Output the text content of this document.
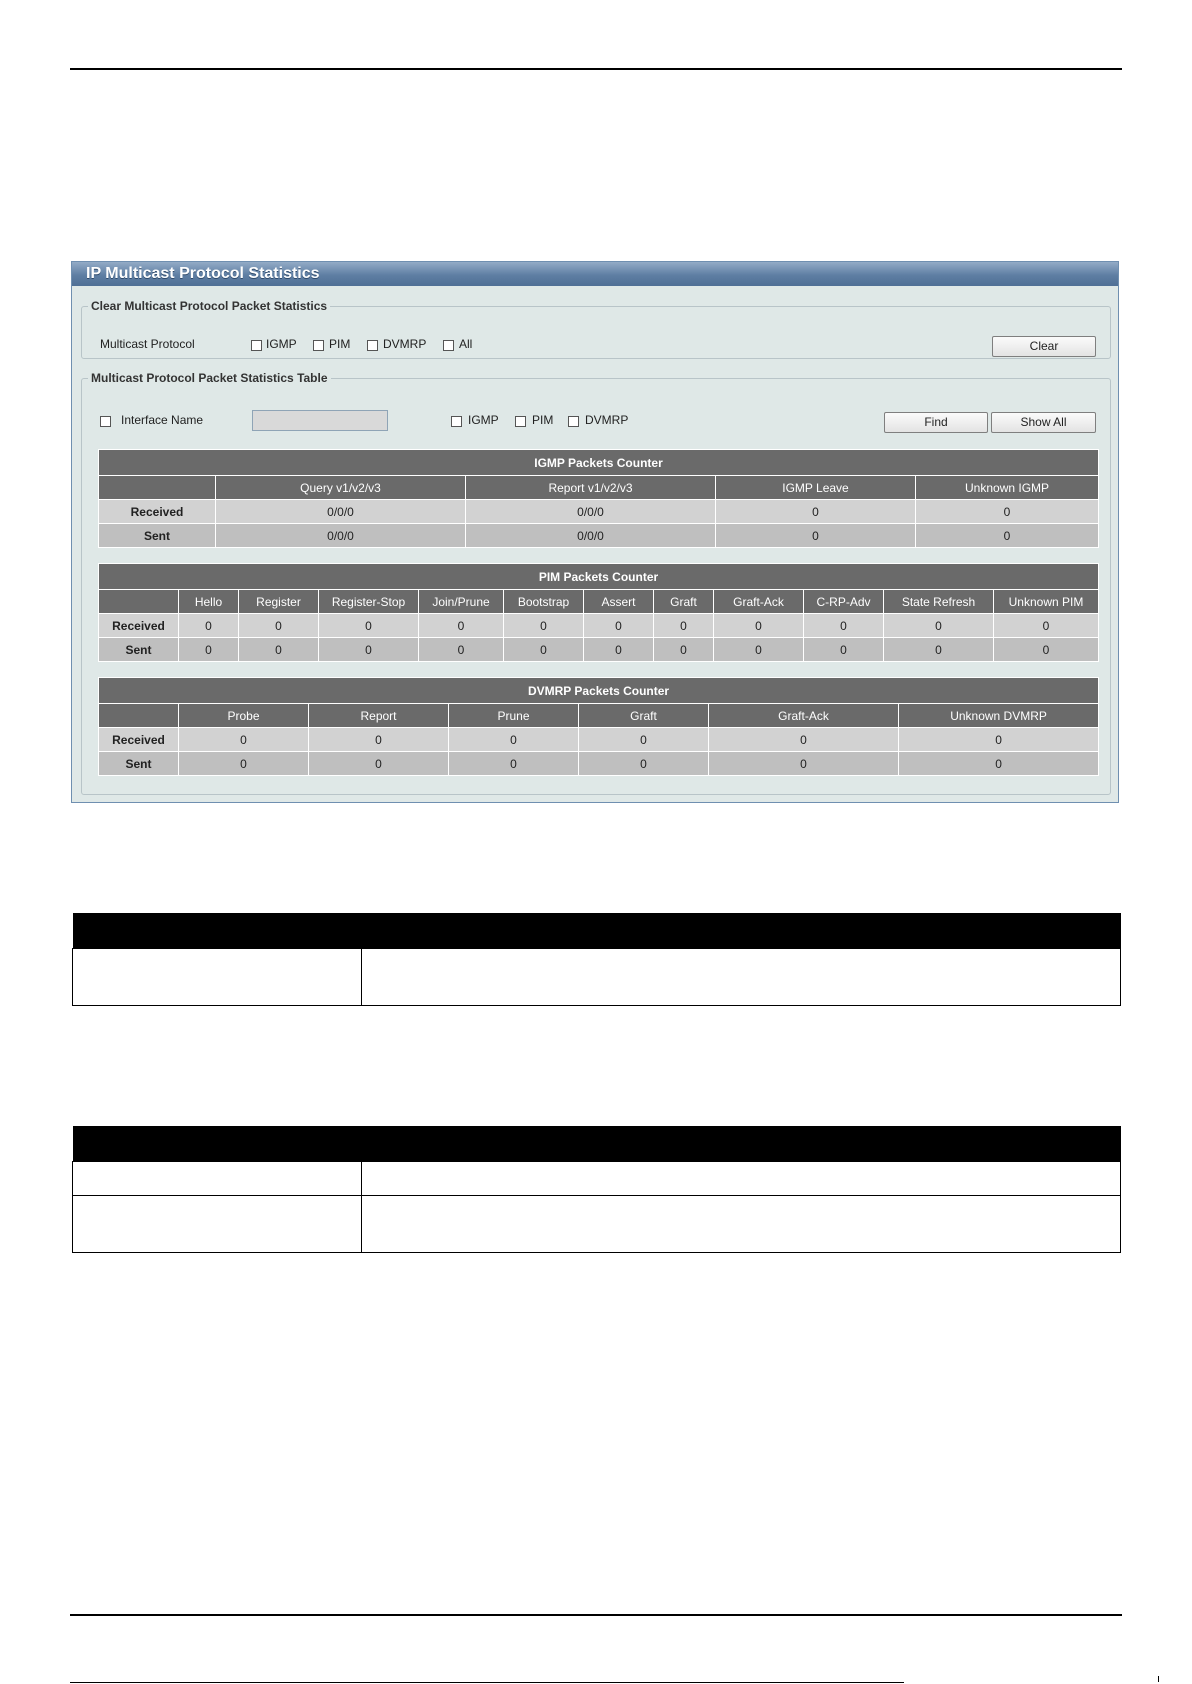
IP Multicast Protocol Statistics
Clear Multicast Protocol Packet Statistics
Multicast Protocol	IGMP	PIM	DVMRP	All	Clear
Multicast Protocol Packet Statistics Table
Interface Name	IGMP	PIM	DVMRP	Find	Show All
IGMP Packets Counter				
	Query v1/v2/v3	Report v1/v2/v3	IGMP Leave	Unknown IGMP
Received	0/0/0	0/0/0	0	0
Sent	0/0/0	0/0/0	0	0
PIM Packets Counter											
	Hello	Register	Register-Stop	Join/Prune	Bootstrap	Assert	Graft	Graft-Ack	C-RP-Adv	State Refresh	Unknown PIM
Received	0	0	0	0	0	0	0	0	0	0	0
Sent	0	0	0	0	0	0	0	0	0	0	0
DVMRP Packets Counter						
	Probe	Report	Prune	Graft	Graft-Ack	Unknown DVMRP
Received	0	0	0	0	0	0
Sent	0	0	0	0	0	0
